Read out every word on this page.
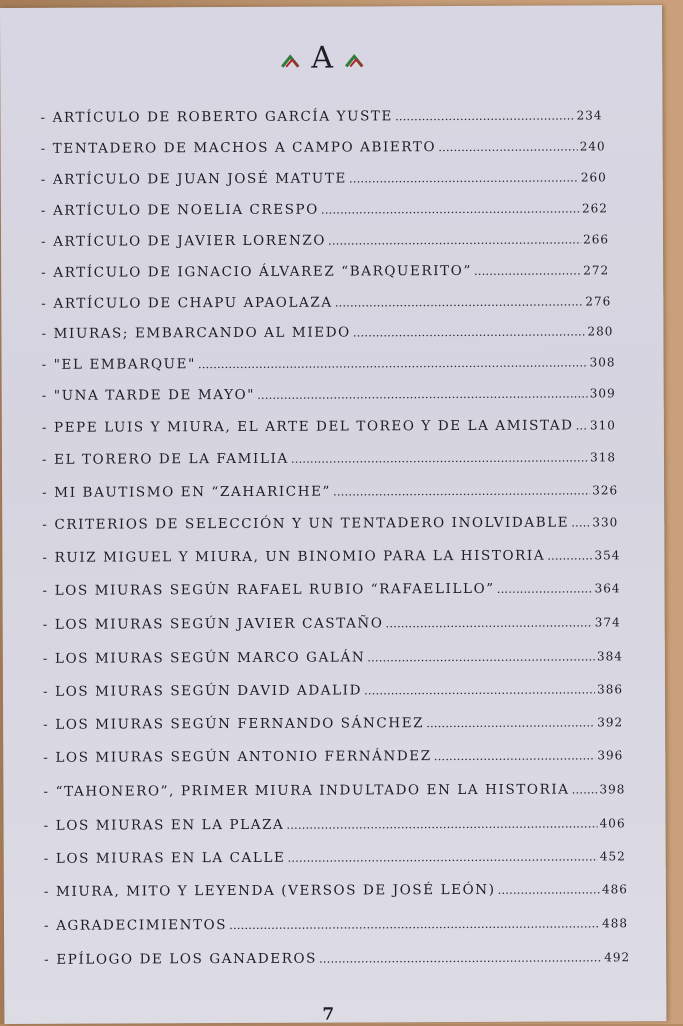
A
- ARTÍCULO DE ROBERTO GARCÍA YUSTE .....	234
- TENTADERO DE MACHOS A CAMPO ABIERTO .....	240
- ARTÍCULO DE JUAN JOSÉ MATUTE .....	260
- ARTÍCULO DE NOELIA CRESPO .....	262
- ARTÍCULO DE JAVIER LORENZO .....	266
- ARTÍCULO DE IGNACIO ÁLVAREZ “BARQUERITO” .....	272
- ARTÍCULO DE CHAPU APAOLAZA .....	276
- MIURAS; EMBARCANDO AL MIEDO .....	280
- "EL EMBARQUE" .....	308
- "UNA TARDE DE MAYO" .....	309
- PEPE LUIS Y MIURA, EL ARTE DEL TOREO Y DE LA AMISTAD ..... 310
- EL TORERO DE LA FAMILIA .....	318
- MI BAUTISMO EN “ZAHARICHE” .....	326
- CRITERIOS DE SELECCIÓN Y UN TENTADERO INOLVIDABLE ..... 330
- RUIZ MIGUEL Y MIURA, UN BINOMIO PARA LA HISTORIA .....	354
- LOS MIURAS SEGÚN RAFAEL RUBIO “RAFAELILLO” .....	364
- LOS MIURAS SEGÚN JAVIER CASTAÑO .....	374
- LOS MIURAS SEGÚN MARCO GALÁN .....	384
- LOS MIURAS SEGÚN DAVID ADALID .....	386
- LOS MIURAS SEGÚN FERNANDO SÁNCHEZ .....	392
- LOS MIURAS SEGÚN ANTONIO FERNÁNDEZ .....	396
- “TAHONERO”, PRIMER MIURA INDULTADO EN LA HISTORIA ..... 398
- LOS MIURAS EN LA PLAZA .....	406
- LOS MIURAS EN LA CALLE .....	452
- MIURA, MITO Y LEYENDA (VERSOS DE JOSÉ LEÓN) .....	486
- AGRADECIMIENTOS .....	488
- EPÍLOGO DE LOS GANADEROS .....	492
7
